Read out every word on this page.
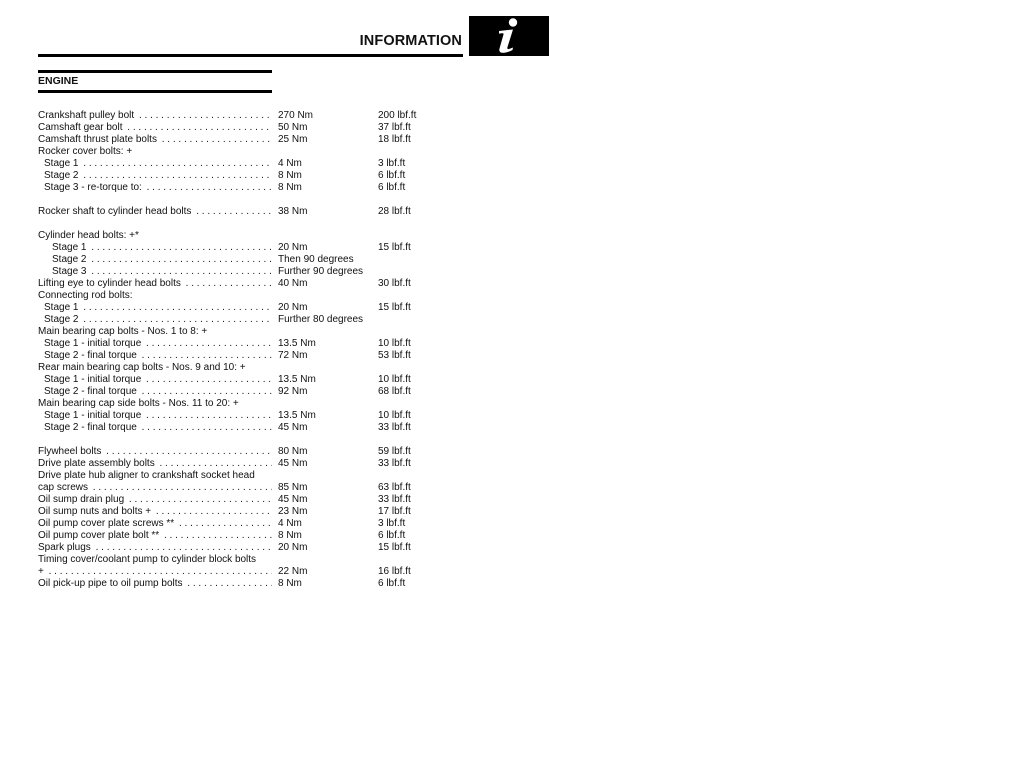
INFORMATION
ENGINE
Crankshaft pulley bolt . . .	270 Nm	200 lbf.ft
Camshaft gear bolt . . .	50 Nm	37 lbf.ft
Camshaft thrust plate bolts . . .	25 Nm	18 lbf.ft
Rocker cover bolts: +
Stage 1 . . .	4 Nm	3 lbf.ft
Stage 2 . . .	8 Nm	6 lbf.ft
Stage 3 - re-torque to: . . .	8 Nm	6 lbf.ft
Rocker shaft to cylinder head bolts . . .	38 Nm	28 lbf.ft
Cylinder head bolts: +*
Stage 1 . . .	20 Nm	15 lbf.ft
Stage 2 . . .	Then 90 degrees
Stage 3 . . .	Further 90 degrees
Lifting eye to cylinder head bolts . . .	40 Nm	30 lbf.ft
Connecting rod bolts:
Stage 1 . . .	20 Nm	15 lbf.ft
Stage 2 . . .	Further 80 degrees
Main bearing cap bolts - Nos. 1 to 8: +
Stage 1 - initial torque . . .	13.5 Nm	10 lbf.ft
Stage 2 - final torque . . .	72 Nm	53 lbf.ft
Rear main bearing cap bolts - Nos. 9 and 10: +
Stage 1 - initial torque . . .	13.5 Nm	10 lbf.ft
Stage 2 - final torque . . .	92 Nm	68 lbf.ft
Main bearing cap side bolts - Nos. 11 to 20: +
Stage 1 - initial torque . . .	13.5 Nm	10 lbf.ft
Stage 2 - final torque . . .	45 Nm	33 lbf.ft
Flywheel bolts . . .	80 Nm	59 lbf.ft
Drive plate assembly bolts . . .	45 Nm	33 lbf.ft
Drive plate hub aligner to crankshaft socket head
cap screws . . .	85 Nm	63 lbf.ft
Oil sump drain plug . . .	45 Nm	33 lbf.ft
Oil sump nuts and bolts + . . .	23 Nm	17 lbf.ft
Oil pump cover plate screws ** . . .	4 Nm	3 lbf.ft
Oil pump cover plate bolt ** . . .	8 Nm	6 lbf.ft
Spark plugs . . .	20 Nm	15 lbf.ft
Timing cover/coolant pump to cylinder block bolts
+ . . .	22 Nm	16 lbf.ft
Oil pick-up pipe to oil pump bolts . . .	8 Nm	6 lbf.ft
